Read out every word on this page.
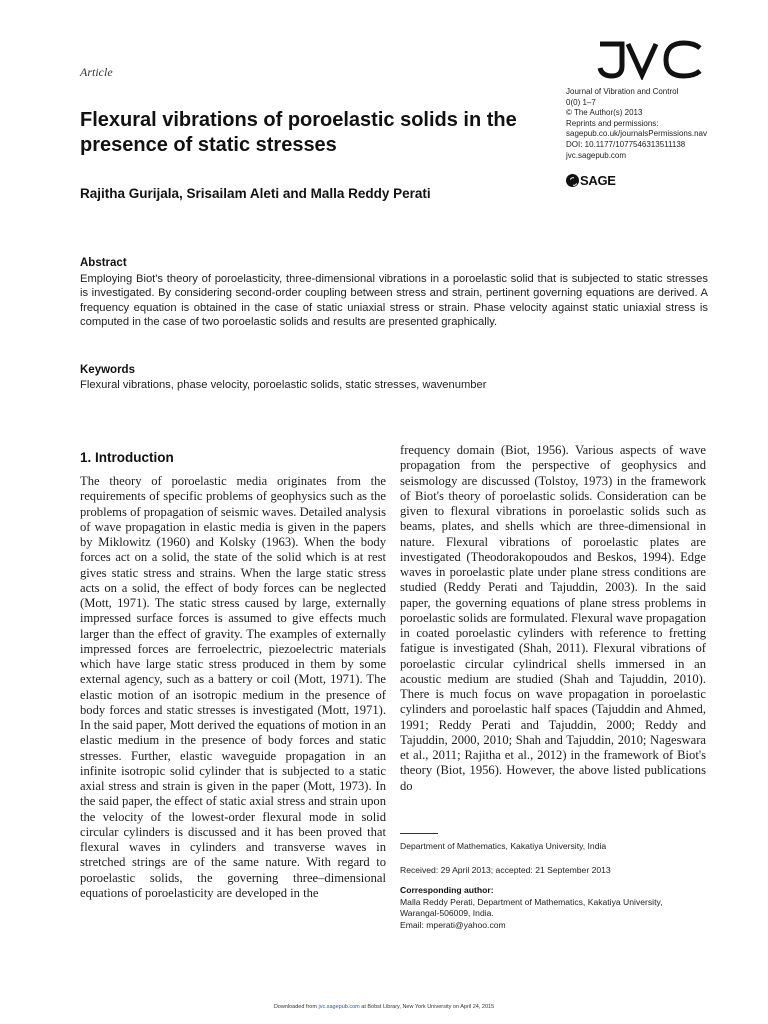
Article
Journal of Vibration and Control
0(0) 1–7
© The Author(s) 2013
Reprints and permissions:
sagepub.co.uk/journalsPermissions.nav
DOI: 10.1177/1077546313511138
jvc.sagepub.com
SAGE
Flexural vibrations of poroelastic solids in the presence of static stresses
Rajitha Gurijala, Srisailam Aleti and Malla Reddy Perati
Abstract
Employing Biot's theory of poroelasticity, three-dimensional vibrations in a poroelastic solid that is subjected to static stresses is investigated. By considering second-order coupling between stress and strain, pertinent governing equations are derived. A frequency equation is obtained in the case of static uniaxial stress or strain. Phase velocity against static uniaxial stress is computed in the case of two poroelastic solids and results are presented graphically.
Keywords
Flexural vibrations, phase velocity, poroelastic solids, static stresses, wavenumber
1. Introduction
The theory of poroelastic media originates from the requirements of specific problems of geophysics such as the problems of propagation of seismic waves. Detailed analysis of wave propagation in elastic media is given in the papers by Miklowitz (1960) and Kolsky (1963). When the body forces act on a solid, the state of the solid which is at rest gives static stress and strains. When the large static stress acts on a solid, the effect of body forces can be neglected (Mott, 1971). The static stress caused by large, externally impressed surface forces is assumed to give effects much larger than the effect of gravity. The examples of externally impressed forces are ferroelectric, piezoelectric materials which have large static stress produced in them by some external agency, such as a battery or coil (Mott, 1971). The elastic motion of an isotropic medium in the presence of body forces and static stresses is investigated (Mott, 1971). In the said paper, Mott derived the equations of motion in an elastic medium in the presence of body forces and static stresses. Further, elastic waveguide propagation in an infinite isotropic solid cylinder that is subjected to a static axial stress and strain is given in the paper (Mott, 1973). In the said paper, the effect of static axial stress and strain upon the velocity of the lowest-order flexural mode in solid circular cylinders is discussed and it has been proved that flexural waves in cylinders and transverse waves in stretched strings are of the same nature. With regard to poroelastic solids, the governing three–dimensional equations of poroelasticity are developed in the
frequency domain (Biot, 1956). Various aspects of wave propagation from the perspective of geophysics and seismology are discussed (Tolstoy, 1973) in the framework of Biot's theory of poroelastic solids. Consideration can be given to flexural vibrations in poroelastic solids such as beams, plates, and shells which are three-dimensional in nature. Flexural vibrations of poroelastic plates are investigated (Theodorakopoudos and Beskos, 1994). Edge waves in poroelastic plate under plane stress conditions are studied (Reddy Perati and Tajuddin, 2003). In the said paper, the governing equations of plane stress problems in poroelastic solids are formulated. Flexural wave propagation in coated poroelastic cylinders with reference to fretting fatigue is investigated (Shah, 2011). Flexural vibrations of poroelastic circular cylindrical shells immersed in an acoustic medium are studied (Shah and Tajuddin, 2010). There is much focus on wave propagation in poroelastic cylinders and poroelastic half spaces (Tajuddin and Ahmed, 1991; Reddy Perati and Tajuddin, 2000; Reddy and Tajuddin, 2000, 2010; Shah and Tajuddin, 2010; Nageswara et al., 2011; Rajitha et al., 2012) in the framework of Biot's theory (Biot, 1956). However, the above listed publications do
Department of Mathematics, Kakatiya University, India
Received: 29 April 2013; accepted: 21 September 2013
Corresponding author:
Malla Reddy Perati, Department of Mathematics, Kakatiya University,
Warangal-506009, India.
Email: mperati@yahoo.com
Downloaded from jvc.sagepub.com at Bobst Library, New York University on April 24, 2015
